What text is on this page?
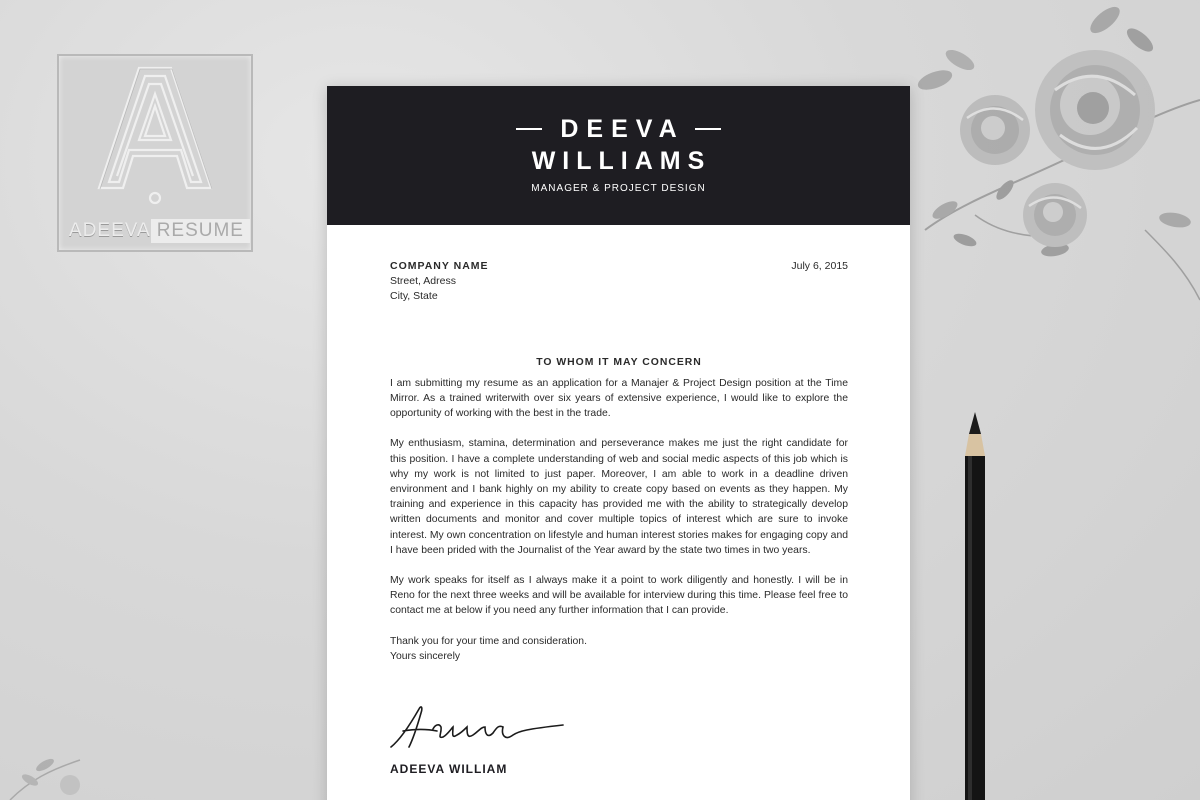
ADEEVA RESUME
DEEVA
WILLIAMS
MANAGER & PROJECT DESIGN
COMPANY NAME	July 6, 2015
Street, Adress
City, State
TO WHOM IT MAY CONCERN

I am submitting my resume as an application for a Manajer & Project Design position at the Time Mirror. As a trained writerwith over six years of extensive experience, I would like to explore the opportunity of working with the best in the trade.

My enthusiasm, stamina, determination and perseverance makes me just the right candidate for this position. I have a complete understanding of web and social medic aspects of this job which is why my work is not limited to just paper. Moreover, I am able to work in a deadline driven environment and I bank highly on my ability to create copy based on events as they happen. My training and experience in this capacity has provided me with the ability to strategically develop written documents and monitor and cover multiple topics of interest which are sure to invoke interest. My own concentration on lifestyle and human interest stories makes for engaging copy and I have been prided with the Journalist of the Year award by the state two times in two years.

My work speaks for itself as I always make it a point to work diligently and honestly. I will be in Reno for the next three weeks and will be available for interview during this time. Please feel free to contact me at below if you need any further information that I can provide.

Thank you for your time and consideration.
Yours sincerely
ADEEVA WILLIAM
